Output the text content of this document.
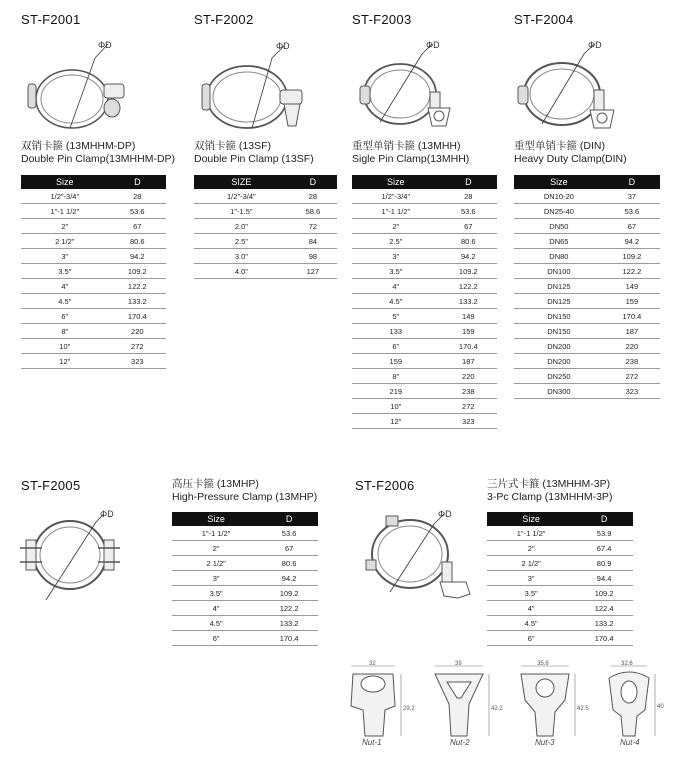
ST-F2001
ΦD
双销卡箍 (13MHHM-DP)
Double Pin Clamp(13MHHM-DP)
Size	D
1/2"-3/4"	28
1"-1 1/2"	53.6
2"	67
2 1/2"	80.6
3"	94.2
3.5"	109.2
4"	122.2
4.5"	133.2
6"	170.4
8"	220
10"	272
12"	323
ST-F2002
ΦD
双销卡箍 (13SF)
Double Pin Clamp (13SF)
SIZE	D
1/2"-3/4"	28
1"-1.5"	58.6
2.0"	72
2.5"	84
3.0"	98
4.0"	127
ST-F2003
ΦD
重型单销卡箍 (13MHH)
Sigle Pin Clamp(13MHH)
Size	D
1/2"-3/4"	28
1"-1 1/2"	53.6
2"	67
2.5"	80.6
3"	94.2
3.5"	109.2
4"	122.2
4.5"	133.2
5"	149
133	159
6"	170.4
159	187
8"	220
219	238
10"	272
12"	323
ST-F2004
ΦD
重型单销卡箍 (DIN)
Heavy Duty Clamp(DIN)
Size	D
DN10-20	37
DN25-40	53.6
DN50	67
DN65	94.2
DN80	109.2
DN100	122.2
DN125	149
DN125	159
DN150	170.4
DN150	187
DN200	220
DN200	238
DN250	272
DN300	323
ST-F2005
ΦD
高压卡箍 (13MHP)
High-Pressure Clamp (13MHP)
Size	D
1"-1 1/2"	53.6
2"	67
2 1/2"	80.6
3"	94.2
3.5"	109.2
4"	122.2
4.5"	133.2
6"	170.4
ST-F2006
ΦD
三片式卡箍 (13MHHM-3P)
3-Pc Clamp (13MHHM-3P)
Size	D
1"-1 1/2"	53.9
2"	67.4
2 1/2"	80.9
3"	94.4
3.5"	109.2
4"	122.4
4.5"	133.2
6"	170.4
32
29.2
39
42.2
35.6
42.5
32.6
40
Nut-1	Nut-2	Nut-3	Nut-4
